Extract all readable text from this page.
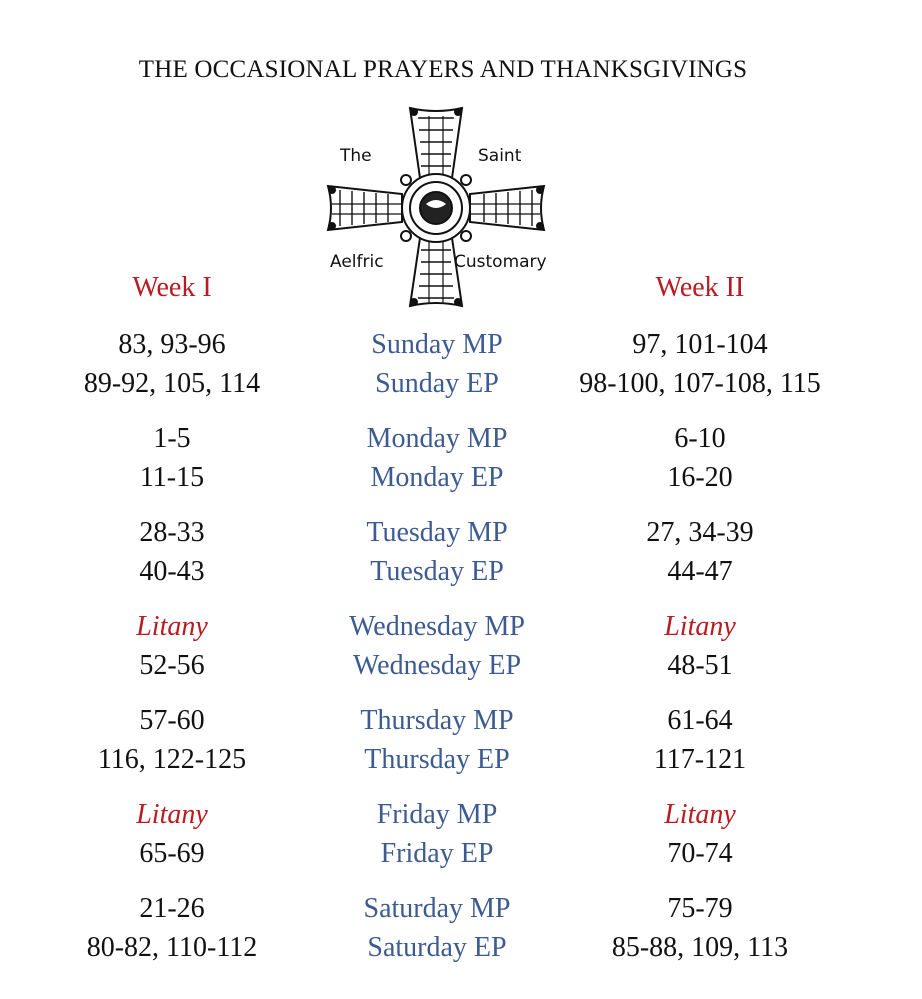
THE OCCASIONAL PRAYERS AND THANKSGIVINGS
The	Saint
Aelfric	Customary
Week I	Week II
83, 93-96	Sunday MP	97, 101-104
89-92, 105, 114	Sunday EP	98-100, 107-108, 115
1-5	Monday MP	6-10
11-15	Monday EP	16-20
28-33	Tuesday MP	27, 34-39
40-43	Tuesday EP	44-47
Litany	Wednesday MP	Litany
52-56	Wednesday EP	48-51
57-60	Thursday MP	61-64
116, 122-125	Thursday EP	117-121
Litany	Friday MP	Litany
65-69	Friday EP	70-74
21-26	Saturday MP	75-79
80-82, 110-112	Saturday EP	85-88, 109, 113
